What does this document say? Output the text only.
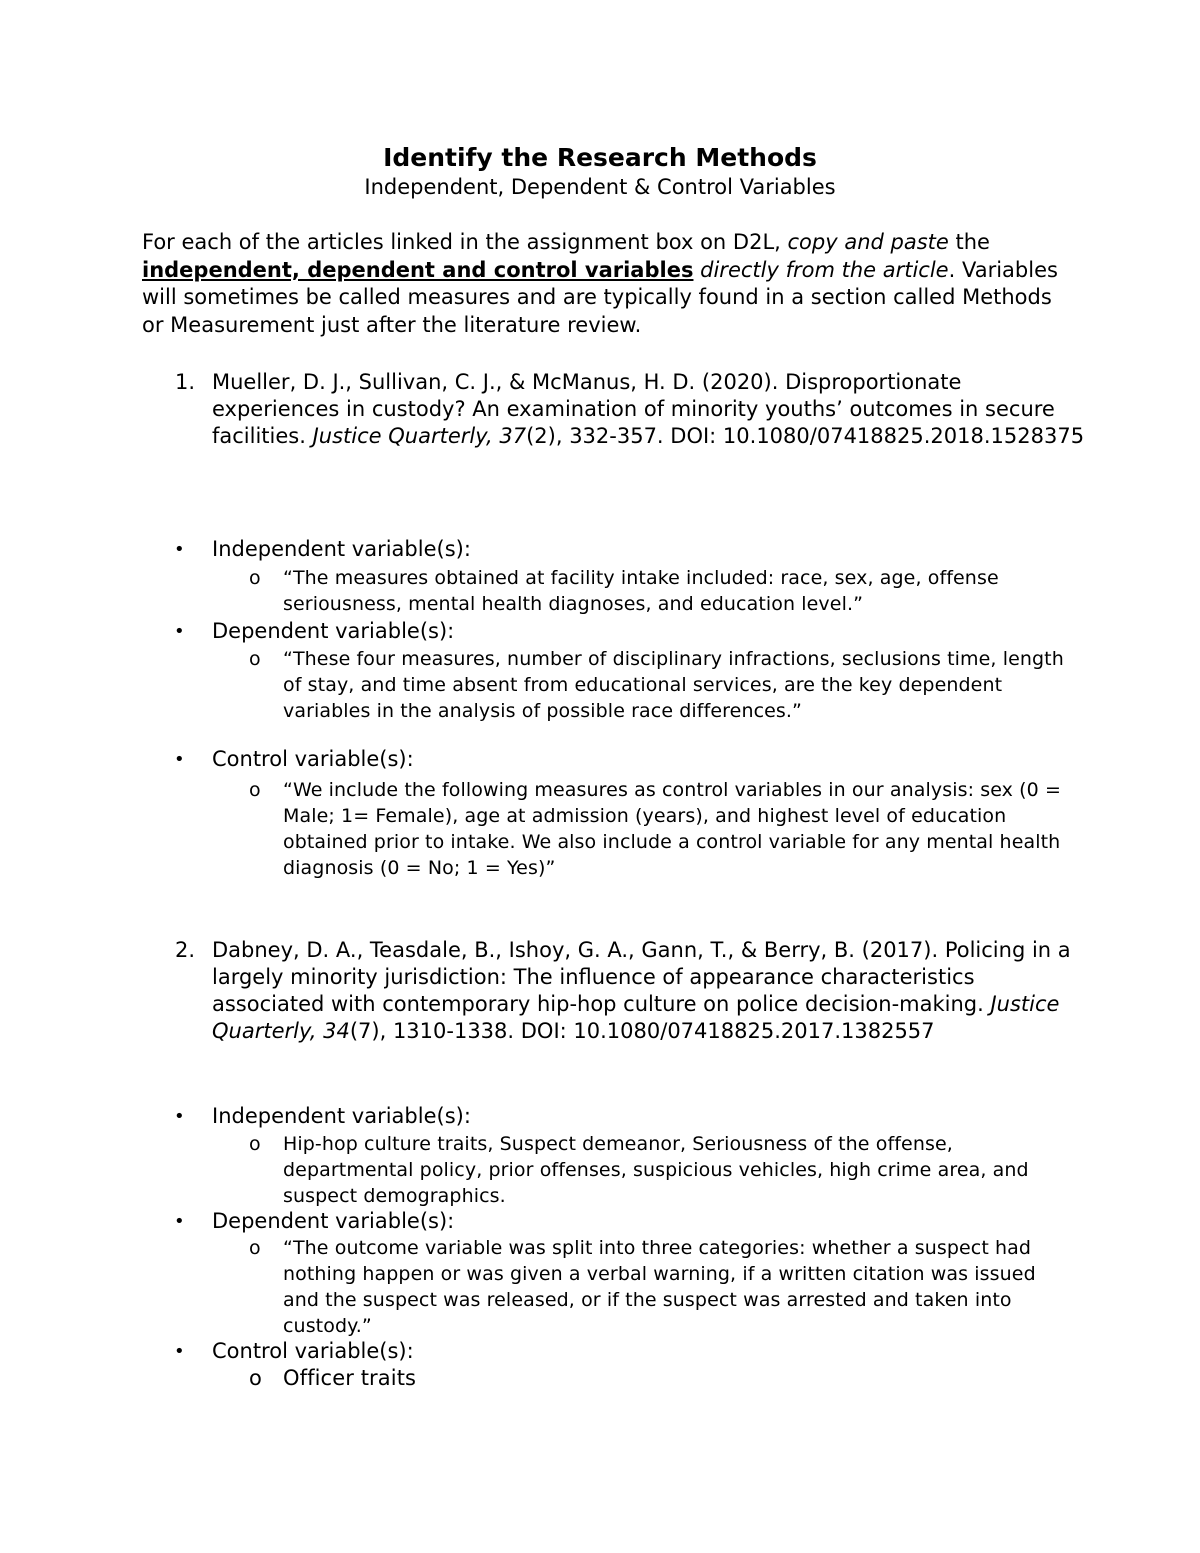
Identify the Research Methods
Independent, Dependent & Control Variables
For each of the articles linked in the assignment box on D2L, copy and paste the independent, dependent and control variables directly from the article. Variables will sometimes be called measures and are typically found in a section called Methods or Measurement just after the literature review.
1. Mueller, D. J., Sullivan, C. J., & McManus, H. D. (2020). Disproportionate experiences in custody? An examination of minority youths’ outcomes in secure facilities. Justice Quarterly, 37(2), 332-357. DOI: 10.1080/07418825.2018.1528375
• Independent variable(s):
o “The measures obtained at facility intake included: race, sex, age, offense seriousness, mental health diagnoses, and education level.”
• Dependent variable(s):
o “These four measures, number of disciplinary infractions, seclusions time, length of stay, and time absent from educational services, are the key dependent variables in the analysis of possible race differences.”
• Control variable(s):
o “We include the following measures as control variables in our analysis: sex (0 = Male; 1= Female), age at admission (years), and highest level of education obtained prior to intake. We also include a control variable for any mental health diagnosis (0 = No; 1 = Yes)”
2. Dabney, D. A., Teasdale, B., Ishoy, G. A., Gann, T., & Berry, B. (2017). Policing in a largely minority jurisdiction: The influence of appearance characteristics associated with contemporary hip-hop culture on police decision-making. Justice Quarterly, 34(7), 1310-1338. DOI: 10.1080/07418825.2017.1382557
• Independent variable(s):
o Hip-hop culture traits, Suspect demeanor, Seriousness of the offense, departmental policy, prior offenses, suspicious vehicles, high crime area, and suspect demographics.
• Dependent variable(s):
o “The outcome variable was split into three categories: whether a suspect had nothing happen or was given a verbal warning, if a written citation was issued and the suspect was released, or if the suspect was arrested and taken into custody.”
• Control variable(s):
o Officer traits
